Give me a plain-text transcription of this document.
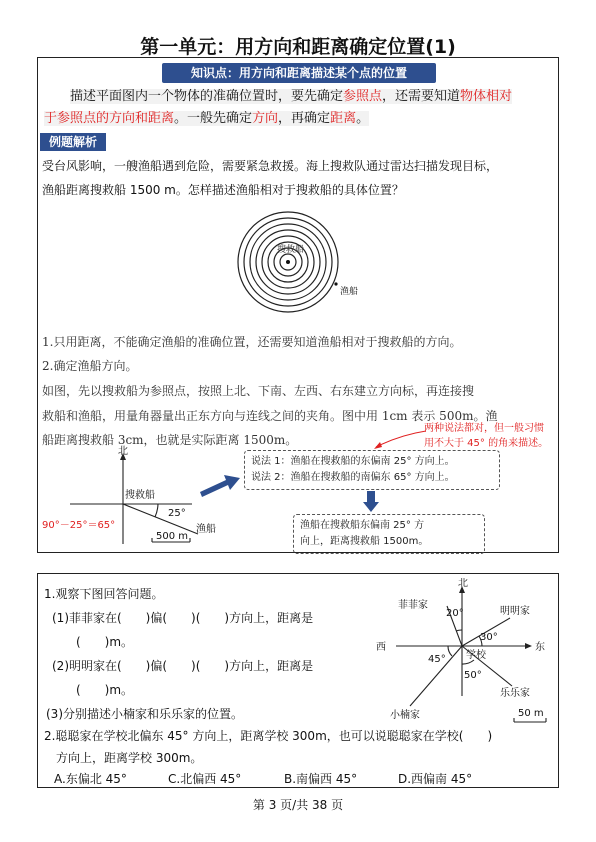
第一单元：用方向和距离确定位置(1)
知识点：用方向和距离描述某个点的位置
描述平面图内一个物体的准确位置时，要先确定参照点，还需要知道物体相对
于参照点的方向和距离。一般先确定方向，再确定距离。
例题解析
受台风影响，一艘渔船遇到危险，需要紧急救援。海上搜救队通过雷达扫描发现目标，
渔船距离搜救船 1500 m。怎样描述渔船相对于搜救船的具体位置？
搜救船
渔船
1.只用距离，不能确定渔船的准确位置，还需要知道渔船相对于搜救船的方向。
2.确定渔船方向。
如图，先以搜救船为参照点，按照上北、下南、左西、右东建立方向标，再连接搜
救船和渔船，用量角器量出正东方向与连线之间的夹角。图中用 1cm 表示 500m。渔
船距离搜救船 3cm，也就是实际距离 1500m。
两种说法都对，但一般习惯
用不大于 45° 的角来描述。
北
搜救船
25°
90°－25°＝65°	渔船
500 m
说法 1：渔船在搜救船的东偏南 25° 方向上。
说法 2：渔船在搜救船的南偏东 65° 方向上。
渔船在搜救船东偏南 25° 方
向上，距离搜救船 1500m。
1.观察下图回答问题。
(1)菲菲家在(　　)偏(　　)(　　)方向上，距离是
(　　)m。
(2)明明家在(　　)偏(　　)(　　)方向上，距离是
(　　)m。
(3)分别描述小楠家和乐乐家的位置。
2.聪聪家在学校北偏东 45° 方向上，距离学校 300m，也可以说聪聪家在学校(　　)
方向上，距离学校 300m。
A.东偏北 45°	C.北偏西 45°	B.南偏西 45°	D.西偏南 45°
北
东
西
学校
菲菲家
明明家
小楠家
乐乐家
20°
30°
45°
50°
50 m
第 3 页/共 38 页
